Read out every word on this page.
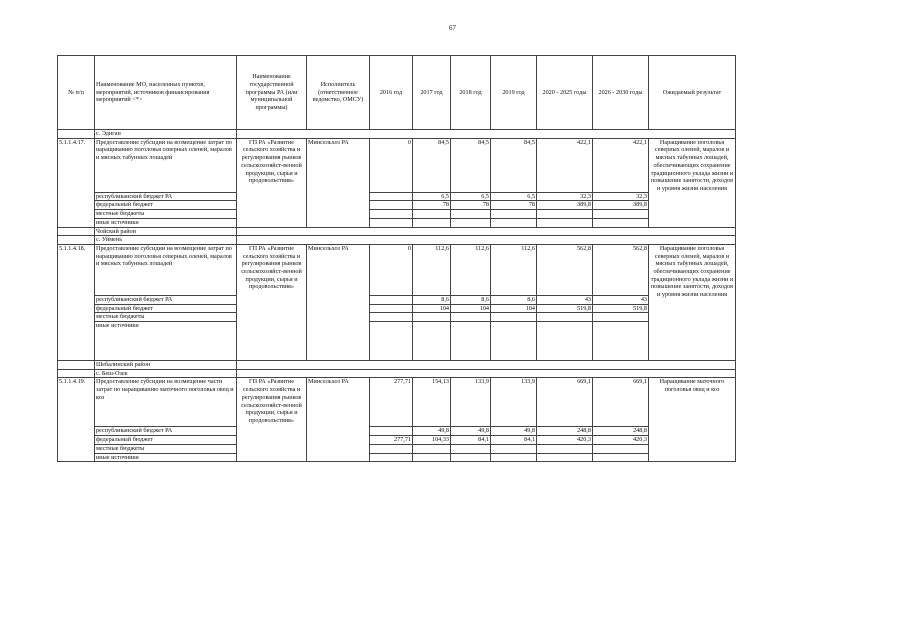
67
№ п/п	Наименование МО, населенных пунктов, мероприятий, источников финансирования мероприятий <*>	Наименование государственной программы РА (или муниципальной программы)	Исполнитель (ответственное ведомство, ОМСУ)	2016 год	2017 год	2018 год	2019 год	2020 - 2025 годы	2026 - 2030 годы	Ожидаемый результат
	с. Эдиган									
5.1.1.4.17.	Предоставление субсидии на возмещение затрат по наращиванию поголовья северных оленей, маралов и мясных табунных лошадей	ГП РА «Развитие сельского хозяйства и регулирования рынков сельскохозяйст-венной продукции, сырья и продовольствия»	Минсельхоз РА	0	84,5	84,5	84,5	422,1	422,1	Наращивание поголовья северных оленей, маралов и мясных табунных лошадей, обеспечивающих сохранение традиционного уклада жизни и повышение занятости, доходов и уровня жизни населения
	республиканский бюджет РА				6,5	6,5	6,5	32,3	32,3	
	федеральный бюджет				78	78	78	389,8	389,8	
	местные бюджеты									
	иные источники									
	Чойский район									
	с. Уймень									
5.1.1.4.18.	Предоставление субсидии на возмещение затрат по наращиванию поголовья северных оленей, маралов и мясных табунных лошадей	ГП РА «Развитие сельского хозяйства и регулирования рынков сельскохозяйст-венной продукции, сырья и продовольствия»	Минсельхоз РА	0	112,6	112,6	112,6	562,8	562,8	Наращивание поголовья северных оленей, маралов и мясных табунных лошадей, обеспечивающих сохранение традиционного уклада жизни и повышение занятости, доходов и уровня жизни населения
	республиканский бюджет РА				8,6	8,6	8,6	43	43	
	федеральный бюджет				104	104	104	519,8	519,8	
	местные бюджеты									
	иные источники									
	Шебалинский район									
	с. Беш-Озек									
5.1.1.4.19.	Предоставление субсидии на возмещение части затрат по наращиванию маточного поголовья овец и коз	ГП РА «Развитие сельского хозяйства и регулирования рынков сельскохозяйст-венной продукции, сырья и продовольствия»	Минсельхоз РА	277,71	154,13	133,9	133,9	669,1	669,1	Наращивание маточного поголовья овец и коз
	республиканский бюджет РА				49,8	49,8	49,8	248,8	248,8	
	федеральный бюджет			277,71	104,33	84,1	84,1	420,3	420,3	
	местные бюджеты									
	иные источники									
